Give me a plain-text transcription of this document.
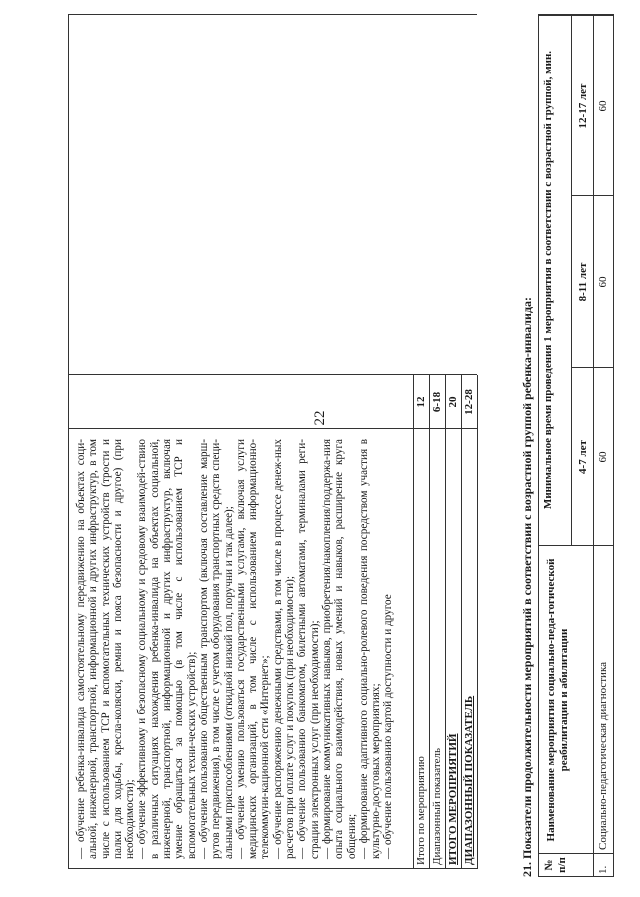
22

— обучение ребенка-инвалида самостоятельному передвижению на объектах соци-альной, инженерной, транспортной, информационной и других инфраструктур, в том числе с использованием ТСР и вспомогательных технических устройств (трости и палки для ходьбы, кресла-коляски, ремни и пояса безопасности и другое) (при необходимости); — обучение эффективному и безопасному социальному и средовому взаимодей-ствию в различных ситуациях нахождения ребенка-инвалида на объектах социальной, инженерной, транспортной, информационной и других инфраструктур, включая умение обращаться за помощью (в том числе с использованием ТСР и вспомогательных техни-ческих устройств); — обучение пользованию общественным транспортом (включая составление марш-рутов передвижения), в том числе с учетом оборудования транспортных средств специ-альными приспособлениями (откидной низкий пол, поручни и так далее); — обучение умению пользоваться государственными услугами, включая услуги медицинских организаций, в том числе с использованием информационно-телекоммуни-кационной сети «Интернет»; — обучение распоряжению денежными средствами, в том числе в процессе денеж-ных расчетов при оплате услуг и покупок (при необходимости); — обучение пользованию банкоматом, билетными автоматами, терминалами реги-страции электронных услуг (при необходимости); — формирование коммуникативных навыков, приобретения/накопления/поддержа-ния опыта социального взаимодействия, новых умений и навыков, расширение круга общения; — формирование адаптивного социально-ролевого поведения посредством участия в культурно-досуговых мероприятиях; — обучение пользованию картой доступности и другое Итого по мероприятию
12
Диапазонный показатель
6-18
ИТОГО МЕРОПРИЯТИЙ
20
ДИАПАЗОННЫЙ ПОКАЗАТЕЛЬ
12-28	21. Показатели продолжительности мероприятий в соответствии с возрастной группой ребенка-инвалида: № п/п
Наименование мероприятия социально-педа-гогической реабилитации и абилитации
Минимальное время проведения 1 мероприятия в соответствии с возрастной группой, мин. 4-7 лет
8-11 лет
12-17 лет
1.
Социально-педагогическая диагностика
60
60
60
